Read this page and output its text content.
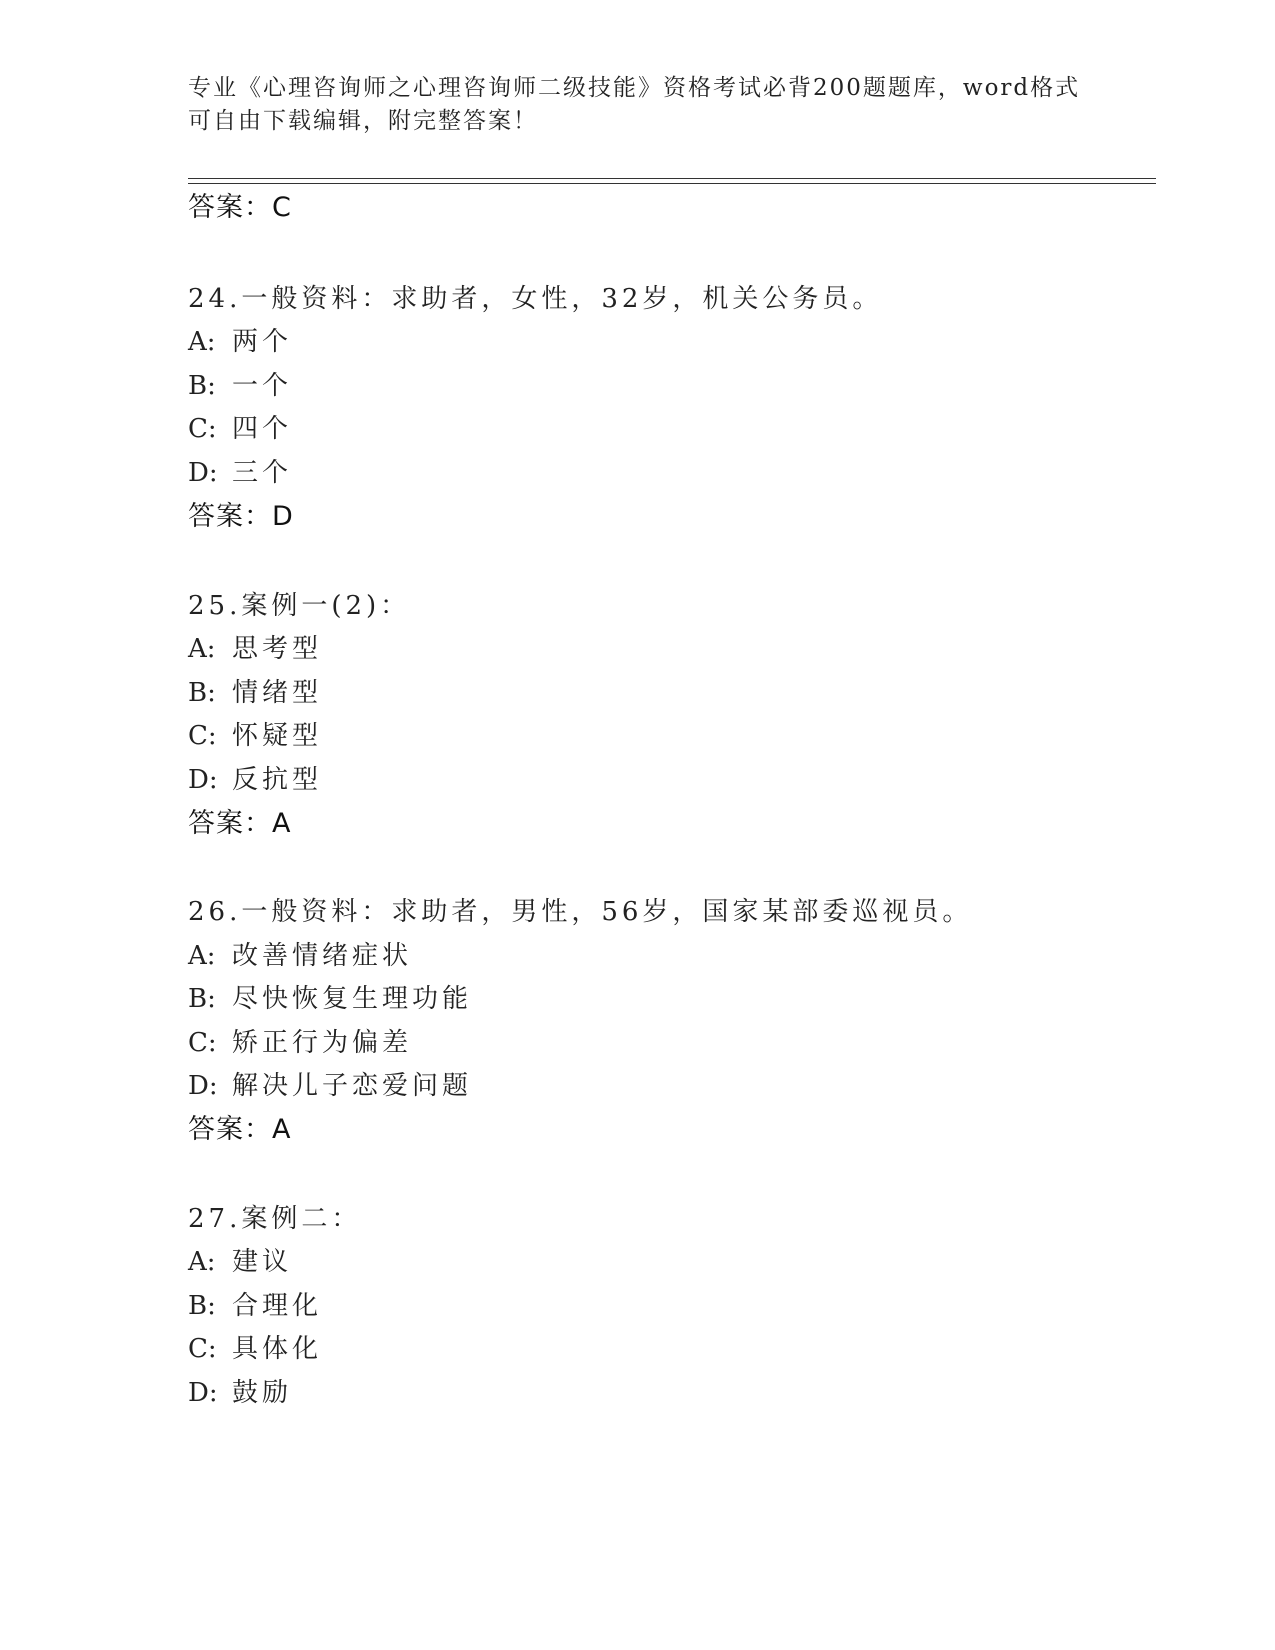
专业《心理咨询师之心理咨询师二级技能》资格考试必背200题题库，word格式
可自由下载编辑，附完整答案！
答案：C
24.一般资料：求助者，女性，32岁，机关公务员。
A: 两个
B: 一个
C: 四个
D: 三个
答案：D
25.案例一(2)：
A: 思考型
B: 情绪型
C: 怀疑型
D: 反抗型
答案：A
26.一般资料：求助者，男性，56岁，国家某部委巡视员。
A: 改善情绪症状
B: 尽快恢复生理功能
C: 矫正行为偏差
D: 解决儿子恋爱问题
答案：A
27.案例二：
A: 建议
B: 合理化
C: 具体化
D: 鼓励
